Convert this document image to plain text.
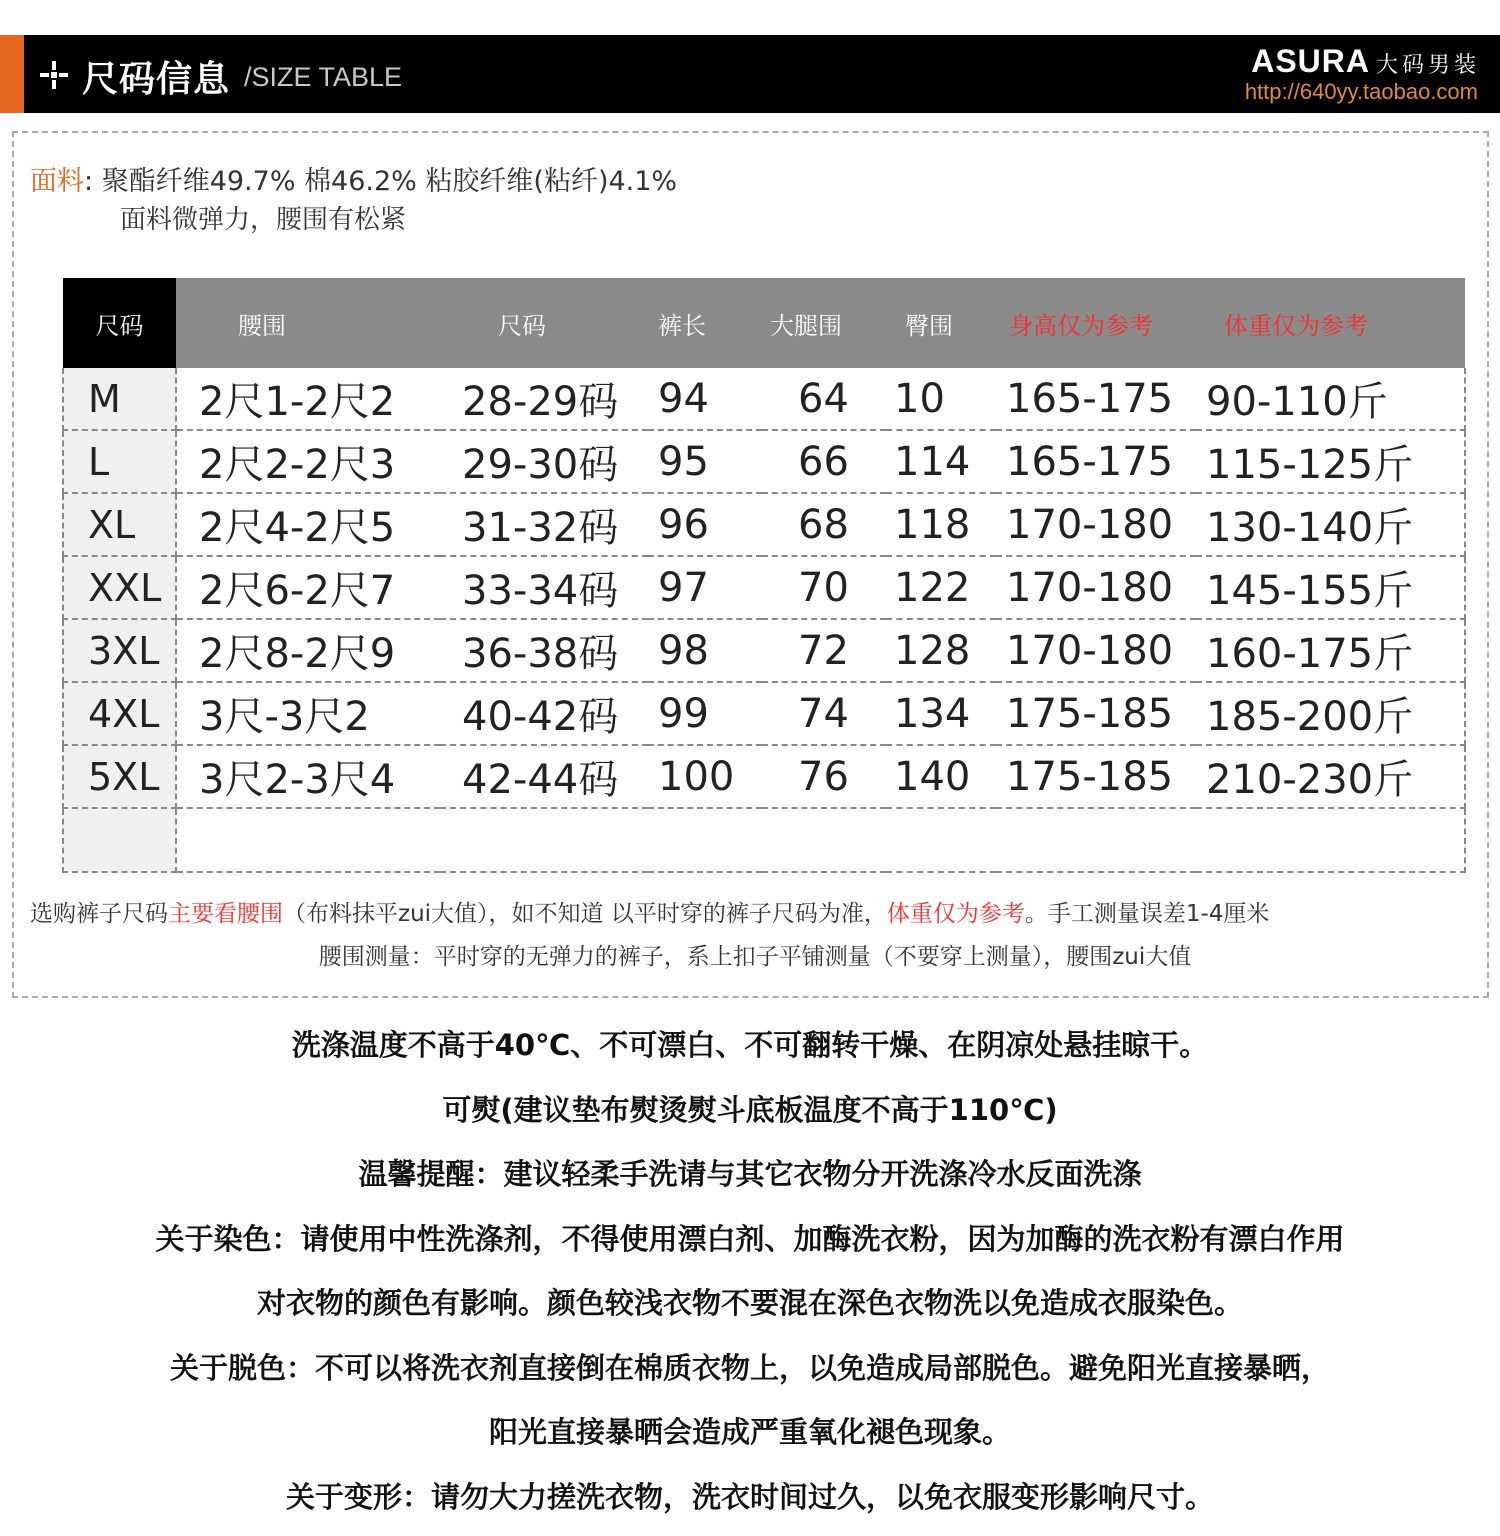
尺码信息 /SIZE TABLE	ASURA 大码男装
http://640yy.taobao.com
面料: 聚酯纤维49.7% 棉46.2% 粘胶纤维(粘纤)4.1%
面料微弹力，腰围有松紧
尺码	腰围	尺码	裤长	大腿围	臀围	身高仅为参考	体重仅为参考
M	2尺1-2尺2	28-29码	94	64	10	165-175	90-110斤
L	2尺2-2尺3	29-30码	95	66	114	165-175	115-125斤
XL	2尺4-2尺5	31-32码	96	68	118	170-180	130-140斤
XXL	2尺6-2尺7	33-34码	97	70	122	170-180	145-155斤
3XL	2尺8-2尺9	36-38码	98	72	128	170-180	160-175斤
4XL	3尺-3尺2	40-42码	99	74	134	175-185	185-200斤
5XL	3尺2-3尺4	42-44码	100	76	140	175-185	210-230斤

选购裤子尺码主要看腰围（布料抹平zui大值），如不知道 以平时穿的裤子尺码为准，体重仅为参考。手工测量误差1-4厘米
腰围测量：平时穿的无弹力的裤子，系上扣子平铺测量（不要穿上测量），腰围zui大值
洗涤温度不高于40℃、不可漂白、不可翻转干燥、在阴凉处悬挂晾干。
可熨(建议垫布熨烫熨斗底板温度不高于110℃)
温馨提醒：建议轻柔手洗请与其它衣物分开洗涤冷水反面洗涤
关于染色：请使用中性洗涤剂，不得使用漂白剂、加酶洗衣粉，因为加酶的洗衣粉有漂白作用
对衣物的颜色有影响。颜色较浅衣物不要混在深色衣物洗以免造成衣服染色。
关于脱色：不可以将洗衣剂直接倒在棉质衣物上，以免造成局部脱色。避免阳光直接暴晒，
阳光直接暴晒会造成严重氧化褪色现象。
关于变形：请勿大力搓洗衣物，洗衣时间过久，以免衣服变形影响尺寸。
